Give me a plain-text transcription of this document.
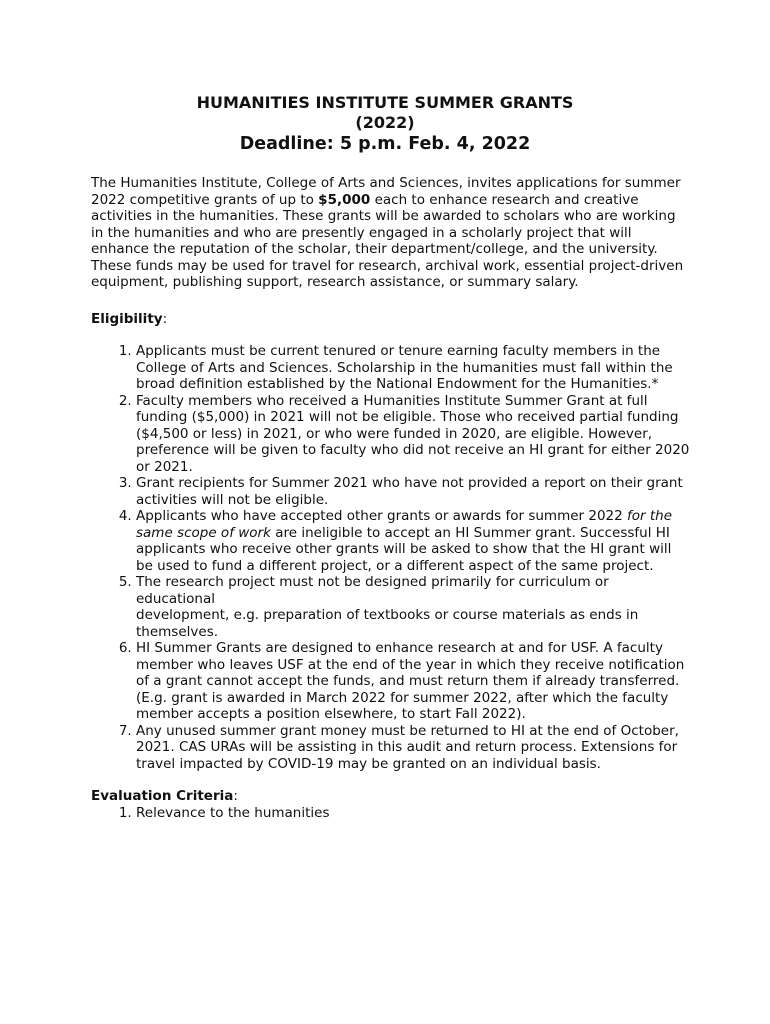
HUMANITIES INSTITUTE SUMMER GRANTS
(2022)
Deadline: 5 p.m. Feb. 4, 2022

The Humanities Institute, College of Arts and Sciences, invites applications for summer

2022 competitive grants of up to $5,000 each to enhance research and creative activities in the humanities. These grants will be awarded to scholars who are working in the humanities and who are presently engaged in a scholarly project that will enhance the reputation of the scholar, their department/college, and the university. These funds may be used for travel for research, archival work, essential project-driven equipment, publishing support, research assistance, or summary salary.

Eligibility:

1. Applicants must be current tenured or tenure earning faculty members in the College of Arts and Sciences. Scholarship in the humanities must fall within the broad definition established by the National Endowment for the Humanities.*
2. Faculty members who received a Humanities Institute Summer Grant at full funding ($5,000) in 2021 will not be eligible. Those who received partial funding ($4,500 or less) in 2021, or who were funded in 2020, are eligible. However, preference will be given to faculty who did not receive an HI grant for either 2020 or 2021.
3. Grant recipients for Summer 2021 who have not provided a report on their grant activities will not be eligible.
4. Applicants who have accepted other grants or awards for summer 2022 for the same scope of work are ineligible to accept an HI Summer grant. Successful HI applicants who receive other grants will be asked to show that the HI grant will be used to fund a different project, or a different aspect of the same project.
5. The research project must not be designed primarily for curriculum or educational
development, e.g. preparation of textbooks or course materials as ends in themselves.
6. HI Summer Grants are designed to enhance research at and for USF. A faculty member who leaves USF at the end of the year in which they receive notification of a grant cannot accept the funds, and must return them if already transferred. (E.g. grant is awarded in March 2022 for summer 2022, after which the faculty member accepts a position elsewhere, to start Fall 2022).
7. Any unused summer grant money must be returned to HI at the end of October, 2021. CAS URAs will be assisting in this audit and return process. Extensions for travel impacted by COVID-19 may be granted on an individual basis.

Evaluation Criteria:

1. Relevance to the humanities
